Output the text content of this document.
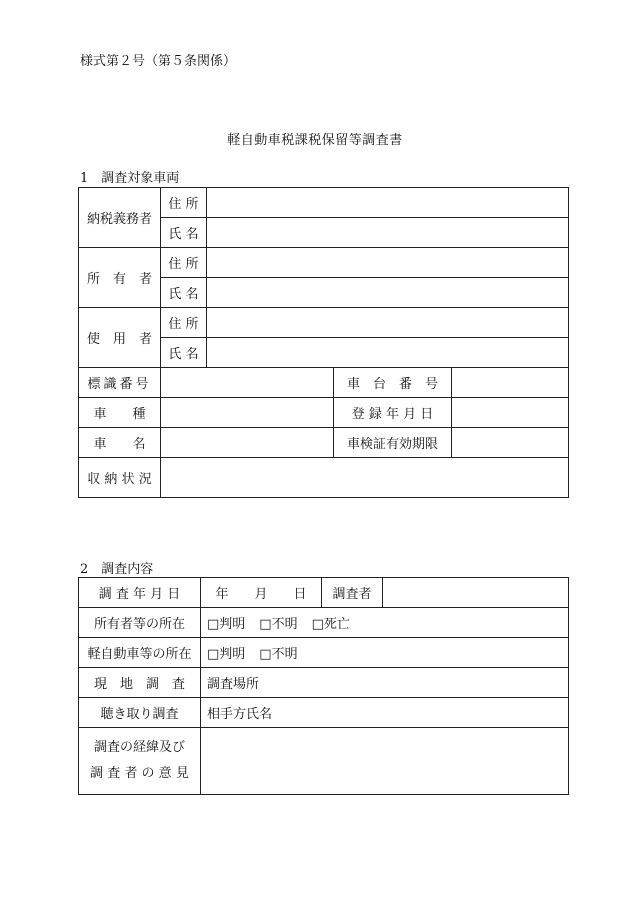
様式第２号（第５条関係）
軽自動車税課税保留等調査書
1　調査対象車両
納税義務者	住 所			
	氏 名			
所　有　者	住 所			
	氏 名			
使　用　者	住 所			
	氏 名			
標識番号			車　台　番　号	
車　　種			登 録 年 月 日	
車　　名			車検証有効期限	
収 納 状 況				
2　調査内容
調 査 年 月 日	年　　月　　日	調査者	
所有者等の所在	□判明 □不明 □死亡		
軽自動車等の所在	□判明 □不明		
現　地　調　査	調査場所		
聴き取り調査	相手方氏名		

調査の経緯及び
調 査 者 の 意 見			
